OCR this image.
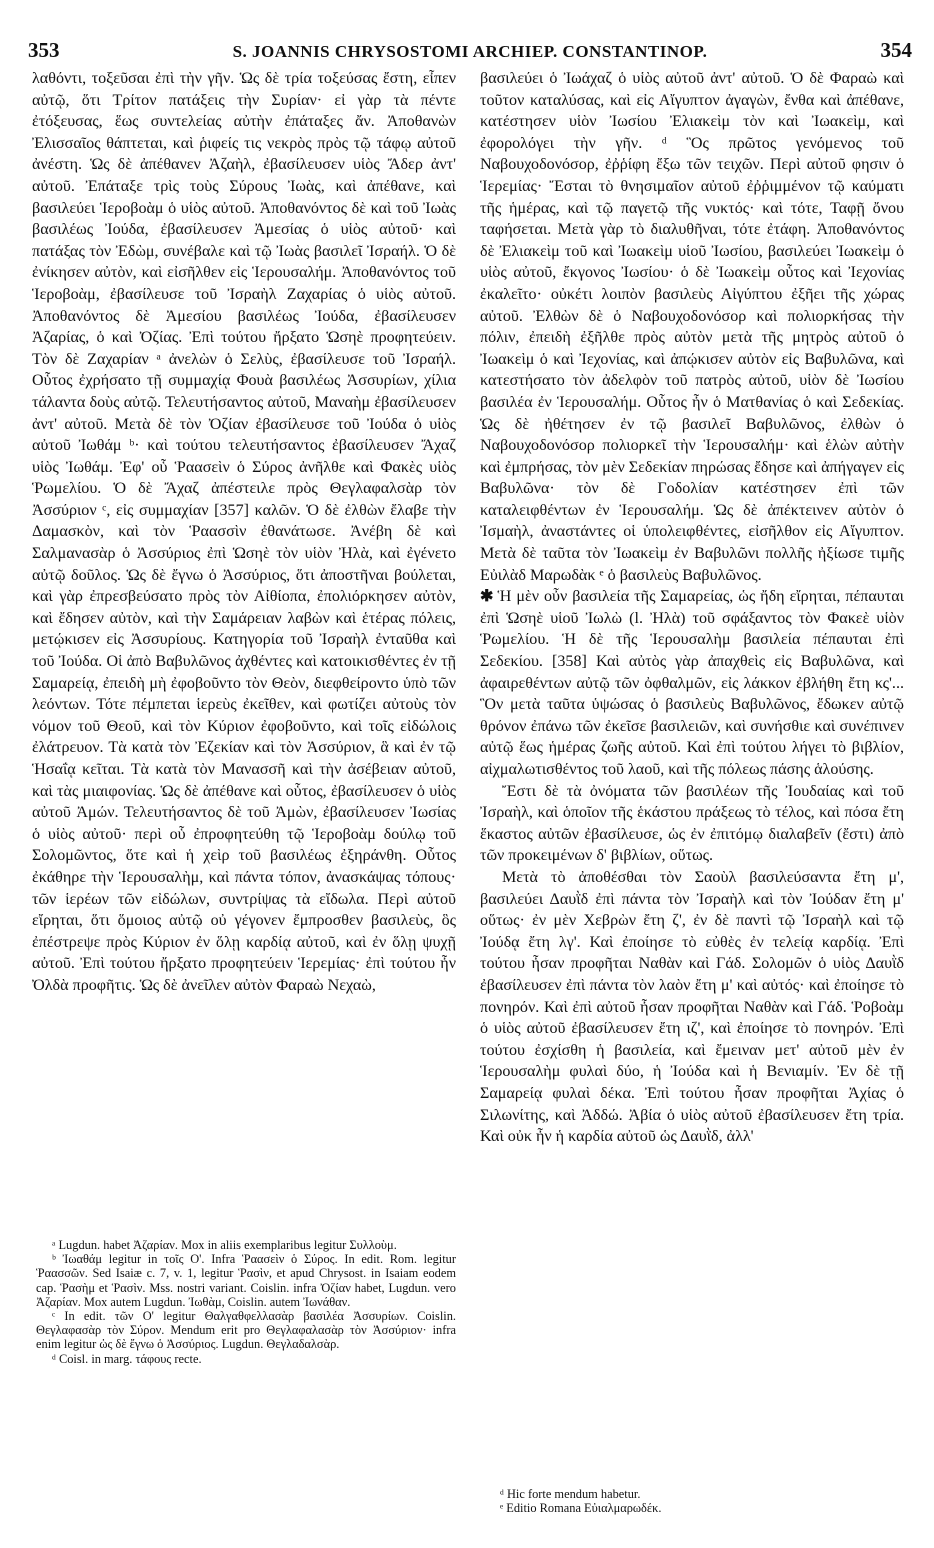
353	S. JOANNIS CHRYSOSTOMI ARCHIEP. CONSTANTINOP.	354

λαθόντι, τοξεῦσαι ἐπὶ τὴν γῆν. Ὡς δὲ τρία τοξεύσας ἔστη, εἶπεν αὐτῷ, ὅτι Τρίτον πατάξεις τὴν Συρίαν· εἰ γὰρ τὰ πέντε ἐτόξευσας, ἕως συντελείας αὐτὴν ἐπάταξες ἄν. Ἀποθανὼν Ἐλισσαῖος θάπτεται, καὶ ῥιφείς τις νεκρὸς πρὸς τῷ τάφῳ αὐτοῦ ἀνέστη. Ὡς δὲ ἀπέθανεν Ἀζαὴλ, ἐβασίλευσεν υἱὸς Ἄδερ ἀντ' αὐτοῦ. Ἐπάταξε τρὶς τοὺς Σύρους Ἰωὰς, καὶ ἀπέθανε, καὶ βασιλεύει Ἱεροβοὰμ ὁ υἱὸς αὐτοῦ. Ἀποθανόντος δὲ καὶ τοῦ Ἰωὰς βασιλέως Ἰούδα, ἐβασίλευσεν Ἀμεσίας ὁ υἱὸς αὐτοῦ· καὶ πατάξας τὸν Ἐδὼμ, συνέβαλε καὶ τῷ Ἰωὰς βασιλεῖ Ἰσραήλ. Ὁ δὲ ἐνίκησεν αὐτὸν, καὶ εἰσῆλθεν εἰς Ἱερουσαλήμ. Ἀποθανόντος τοῦ Ἱεροβοὰμ, ἐβασίλευσε τοῦ Ἰσραὴλ Ζαχαρίας ὁ υἱὸς αὐτοῦ. Ἀποθανόντος δὲ Ἀμεσίου βασιλέως Ἰούδα, ἐβασίλευσεν Ἀζαρίας, ὁ καὶ Ὀζίας. Ἐπὶ τούτου ἤρξατο Ὡσηὲ προφητεύειν. Τὸν δὲ Ζαχαρίαν ᵃ ἀνελὼν ὁ Σελὺς, ἐβασίλευσε τοῦ Ἰσραήλ. Οὗτος ἐχρήσατο τῇ συμμαχίᾳ Φουὰ βασιλέως Ἀσσυρίων, χίλια τάλαντα δοὺς αὐτῷ. Τελευτήσαντος αὐτοῦ, Μαναὴμ ἐβασίλευσεν ἀντ' αὐτοῦ. Μετὰ δὲ τὸν Ὀζίαν ἐβασίλευσε τοῦ Ἰούδα ὁ υἱὸς αὐτοῦ Ἰωθάμ ᵇ· καὶ τούτου τελευτήσαντος ἐβασίλευσεν Ἄχαζ υἱὸς Ἰωθάμ. Ἐφ' οὗ Ῥαασεὶν ὁ Σύρος ἀνῆλθε καὶ Φακὲς υἱὸς Ῥωμελίου. Ὁ δὲ Ἄχαζ ἀπέστειλε πρὸς Θεγλαφαλσὰρ τὸν Ἀσσύριον ᶜ, εἰς συμμαχίαν [357] καλῶν. Ὁ δὲ ἐλθὼν ἔλαβε τὴν Δαμασκὸν, καὶ τὸν Ῥαασσὶν ἐθανάτωσε. Ἀνέβη δὲ καὶ Σαλμανασὰρ ὁ Ἀσσύριος ἐπὶ Ὡσηὲ τὸν υἱὸν Ἠλὰ, καὶ ἐγένετο αὐτῷ δοῦλος. Ὡς δὲ ἔγνω ὁ Ἀσσύριος, ὅτι ἀποστῆναι βούλεται, καὶ γὰρ ἐπρεσβεύσατο πρὸς τὸν Αἰθίοπα, ἐπολιόρκησεν αὐτὸν, καὶ ἔδησεν αὐτὸν, καὶ τὴν Σαμάρειαν λαβὼν καὶ ἑτέρας πόλεις, μετῴκισεν εἰς Ἀσσυρίους. Κατηγορία τοῦ Ἰσραὴλ ἐνταῦθα καὶ τοῦ Ἰούδα. Οἱ ἀπὸ Βαβυλῶνος ἀχθέντες καὶ κατοικισθέντες ἐν τῇ Σαμαρείᾳ, ἐπειδὴ μὴ ἐφοβοῦντο τὸν Θεὸν, διεφθείροντο ὑπὸ τῶν λεόντων. Τότε πέμπεται ἱερεὺς ἐκεῖθεν, καὶ φωτίζει αὐτοὺς τὸν νόμον τοῦ Θεοῦ, καὶ τὸν Κύριον ἐφοβοῦντο, καὶ τοῖς εἰδώλοις ἐλάτρευον. Τὰ κατὰ τὸν Ἐζεκίαν καὶ τὸν Ἀσσύριον, ἃ καὶ ἐν τῷ Ἡσαΐᾳ κεῖται. Τὰ κατὰ τὸν Μανασσῆ καὶ τὴν ἀσέβειαν αὐτοῦ, καὶ τὰς μιαιφονίας. Ὡς δὲ ἀπέθανε καὶ οὗτος, ἐβασίλευσεν ὁ υἱὸς αὐτοῦ Ἀμών. Τελευτήσαντος δὲ τοῦ Ἀμὼν, ἐβασίλευσεν Ἰωσίας ὁ υἱὸς αὐτοῦ· περὶ οὗ ἐπροφητεύθη τῷ Ἱεροβοὰμ δούλῳ τοῦ Σολομῶντος, ὅτε καὶ ἡ χεὶρ τοῦ βασιλέως ἐξηράνθη. Οὗτος ἐκάθηρε τὴν Ἱερουσαλὴμ, καὶ πάντα τόπον, ἀνασκάψας τόπους· τῶν ἱερέων τῶν εἰδώλων, συντρίψας τὰ εἴδωλα. Περὶ αὐτοῦ εἴρηται, ὅτι ὅμοιος αὐτῷ οὐ γέγονεν ἔμπροσθεν βασιλεὺς, ὃς ἐπέστρεψε πρὸς Κύριον ἐν ὅλῃ καρδίᾳ αὐτοῦ, καὶ ἐν ὅλῃ ψυχῇ αὐτοῦ. Ἐπὶ τούτου ἤρξατο προφητεύειν Ἱερεμίας· ἐπὶ τούτου ἦν Ὀλδὰ προφῆτις. Ὡς δὲ ἀνεῖλεν αὐτὸν Φαραὼ Νεχαὼ,

ᵃ Lugdun. habet Ἀζαρίαν. Mox in aliis exemplaribus legitur Συλλοὺμ.

ᵇ Ἰωαθάμ legitur in τοῖς Ο'. Infra Ῥαασεὶν ὁ Σύρος. In edit. Rom. legitur Ῥαασσῶν. Sed Isaiæ c. 7, v. 1, legitur Ῥασὶν, et apud Chrysost. in Isaiam eodem cap. Ῥασὴμ et Ῥασὶν. Mss. nostri variant. Coislin. infra Ὀζίαν habet, Lugdun. vero Ἀζαρίαν. Mox autem Lugdun. Ἰωθὰμ, Coislin. autem Ἰωνάθαν.

ᶜ In edit. τῶν Ο' legitur Θαλγαθφελλασὰρ βασιλέα Ἀσσυρίων. Coislin. Θεγλαφασὰρ τὸν Σύρον. Mendum erit pro Θεγλαφαλασὰρ τὸν Ἀσσύριον· infra enim legitur ὡς δὲ ἔγνω ὁ Ἀσσύριος. Lugdun. Θεγλαδαλσὰρ.

ᵈ Coisl. in marg. τάφους recte.

βασιλεύει ὁ Ἰωάχαζ ὁ υἱὸς αὐτοῦ ἀντ' αὐτοῦ. Ὁ δὲ Φαραὼ καὶ τοῦτον καταλύσας, καὶ εἰς Αἴγυπτον ἀγαγὼν, ἔνθα καὶ ἀπέθανε, κατέστησεν υἱὸν Ἰωσίου Ἐλιακεὶμ τὸν καὶ Ἰωακεὶμ, καὶ ἐφορολόγει τὴν γῆν. ᵈ Ὃς πρῶτος γενόμενος τοῦ Ναβουχοδονόσορ, ἐῤῥίφη ἔξω τῶν τειχῶν. Περὶ αὐτοῦ φησιν ὁ Ἱερεμίας· Ἔσται τὸ θνησιμαῖον αὐτοῦ ἐῤῥιμμένον τῷ καύματι τῆς ἡμέρας, καὶ τῷ παγετῷ τῆς νυκτός· καὶ τότε, Ταφῇ ὄνου ταφήσεται. Μετὰ γὰρ τὸ διαλυθῆναι, τότε ἐτάφη. Ἀποθανόντος δὲ Ἐλιακεὶμ τοῦ καὶ Ἰωακεὶμ υἱοῦ Ἰωσίου, βασιλεύει Ἰωακεὶμ ὁ υἱὸς αὐτοῦ, ἔκγονος Ἰωσίου· ὁ δὲ Ἰωακεὶμ οὗτος καὶ Ἰεχονίας ἐκαλεῖτο· οὐκέτι λοιπὸν βασιλεὺς Αἰγύπτου ἐξῆει τῆς χώρας αὐτοῦ. Ἐλθὼν δὲ ὁ Ναβουχοδονόσορ καὶ πολιορκήσας τὴν πόλιν, ἐπειδὴ ἐξῆλθε πρὸς αὐτὸν μετὰ τῆς μητρὸς αὐτοῦ ὁ Ἰωακεὶμ ὁ καὶ Ἰεχονίας, καὶ ἀπῴκισεν αὐτὸν εἰς Βαβυλῶνα, καὶ κατεστήσατο τὸν ἀδελφὸν τοῦ πατρὸς αὐτοῦ, υἱὸν δὲ Ἰωσίου βασιλέα ἐν Ἱερουσαλήμ. Οὗτος ἦν ὁ Ματθανίας ὁ καὶ Σεδεκίας. Ὡς δὲ ἠθέτησεν ἐν τῷ βασιλεῖ Βαβυλῶνος, ἐλθὼν ὁ Ναβουχοδονόσορ πολιορκεῖ τὴν Ἱερουσαλήμ· καὶ ἑλὼν αὐτὴν καὶ ἐμπρήσας, τὸν μὲν Σεδεκίαν πηρώσας ἔδησε καὶ ἀπήγαγεν εἰς Βαβυλῶνα· τὸν δὲ Γοδολίαν κατέστησεν ἐπὶ τῶν καταλειφθέντων ἐν Ἱερουσαλήμ. Ὡς δὲ ἀπέκτεινεν αὐτὸν ὁ Ἰσμαὴλ, ἀναστάντες οἱ ὑπολειφθέντες, εἰσῆλθον εἰς Αἴγυπτον. Μετὰ δὲ ταῦτα τὸν Ἰωακεὶμ ἐν Βαβυλῶνι πολλῆς ἠξίωσε τιμῆς Εὐιλὰδ Μαρωδὰκ ᵉ ὁ βασιλεὺς Βαβυλῶνος.

✱ Ἡ μὲν οὖν βασιλεία τῆς Σαμαρείας, ὡς ἤδη εἴρηται, πέπαυται ἐπὶ Ὡσηὲ υἱοῦ Ἰωλὼ (l. Ἠλὰ) τοῦ σφάξαντος τὸν Φακεὲ υἱὸν Ῥωμελίου. Ἡ δὲ τῆς Ἱερουσαλὴμ βασιλεία πέπαυται ἐπὶ Σεδεκίου. [358] Καὶ αὐτὸς γὰρ ἀπαχθεὶς εἰς Βαβυλῶνα, καὶ ἀφαιρεθέντων αὐτῷ τῶν ὀφθαλμῶν, εἰς λάκκον ἐβλήθη ἔτη κς'... Ὃν μετὰ ταῦτα ὑψώσας ὁ βασιλεὺς Βαβυλῶνος, ἔδωκεν αὐτῷ θρόνον ἐπάνω τῶν ἐκεῖσε βασιλειῶν, καὶ συνήσθιε καὶ συνέπινεν αὐτῷ ἕως ἡμέρας ζωῆς αὐτοῦ. Καὶ ἐπὶ τούτου λήγει τὸ βιβλίον, αἰχμαλωτισθέντος τοῦ λαοῦ, καὶ τῆς πόλεως πάσης ἁλούσης.

Ἔστι δὲ τὰ ὀνόματα τῶν βασιλέων τῆς Ἰουδαίας καὶ τοῦ Ἰσραὴλ, καὶ ὁποῖον τῆς ἑκάστου πράξεως τὸ τέλος, καὶ πόσα ἔτη ἕκαστος αὐτῶν ἐβασίλευσε, ὡς ἐν ἐπιτόμῳ διαλαβεῖν (ἔστι) ἀπὸ τῶν προκειμένων δ' βιβλίων, οὕτως.

Μετὰ τὸ ἀποθέσθαι τὸν Σαοὺλ βασιλεύσαντα ἔτη μ', βασιλεύει Δαυῒδ ἐπὶ πάντα τὸν Ἰσραὴλ καὶ τὸν Ἰούδαν ἔτη μ' οὕτως· ἐν μὲν Χεβρὼν ἔτη ζ', ἐν δὲ παντὶ τῷ Ἰσραὴλ καὶ τῷ Ἰούδᾳ ἔτη λγ'. Καὶ ἐποίησε τὸ εὐθὲς ἐν τελείᾳ καρδίᾳ. Ἐπὶ τούτου ἦσαν προφῆται Ναθὰν καὶ Γάδ. Σολομῶν ὁ υἱὸς Δαυῒδ ἐβασίλευσεν ἐπὶ πάντα τὸν λαὸν ἔτη μ' καὶ αὐτός· καὶ ἐποίησε τὸ πονηρόν. Καὶ ἐπὶ αὐτοῦ ἦσαν προφῆται Ναθὰν καὶ Γάδ. Ῥοβοὰμ ὁ υἱὸς αὐτοῦ ἐβασίλευσεν ἔτη ιζ', καὶ ἐποίησε τὸ πονηρόν. Ἐπὶ τούτου ἐσχίσθη ἡ βασιλεία, καὶ ἔμειναν μετ' αὐτοῦ μὲν ἐν Ἱερουσαλὴμ φυλαὶ δύο, ἡ Ἰούδα καὶ ἡ Βενιαμίν. Ἐν δὲ τῇ Σαμαρείᾳ φυλαὶ δέκα. Ἐπὶ τούτου ἦσαν προφῆται Ἀχίας ὁ Σιλωνίτης, καὶ Ἀδδώ. Ἀβία ὁ υἱὸς αὐτοῦ ἐβασίλευσεν ἔτη τρία. Καὶ οὐκ ἦν ἡ καρδία αὐτοῦ ὡς Δαυῒδ, ἀλλ'

ᵈ Hic forte mendum habetur.

ᵉ Editio Romana Εὐιαλμαρωδέκ.
